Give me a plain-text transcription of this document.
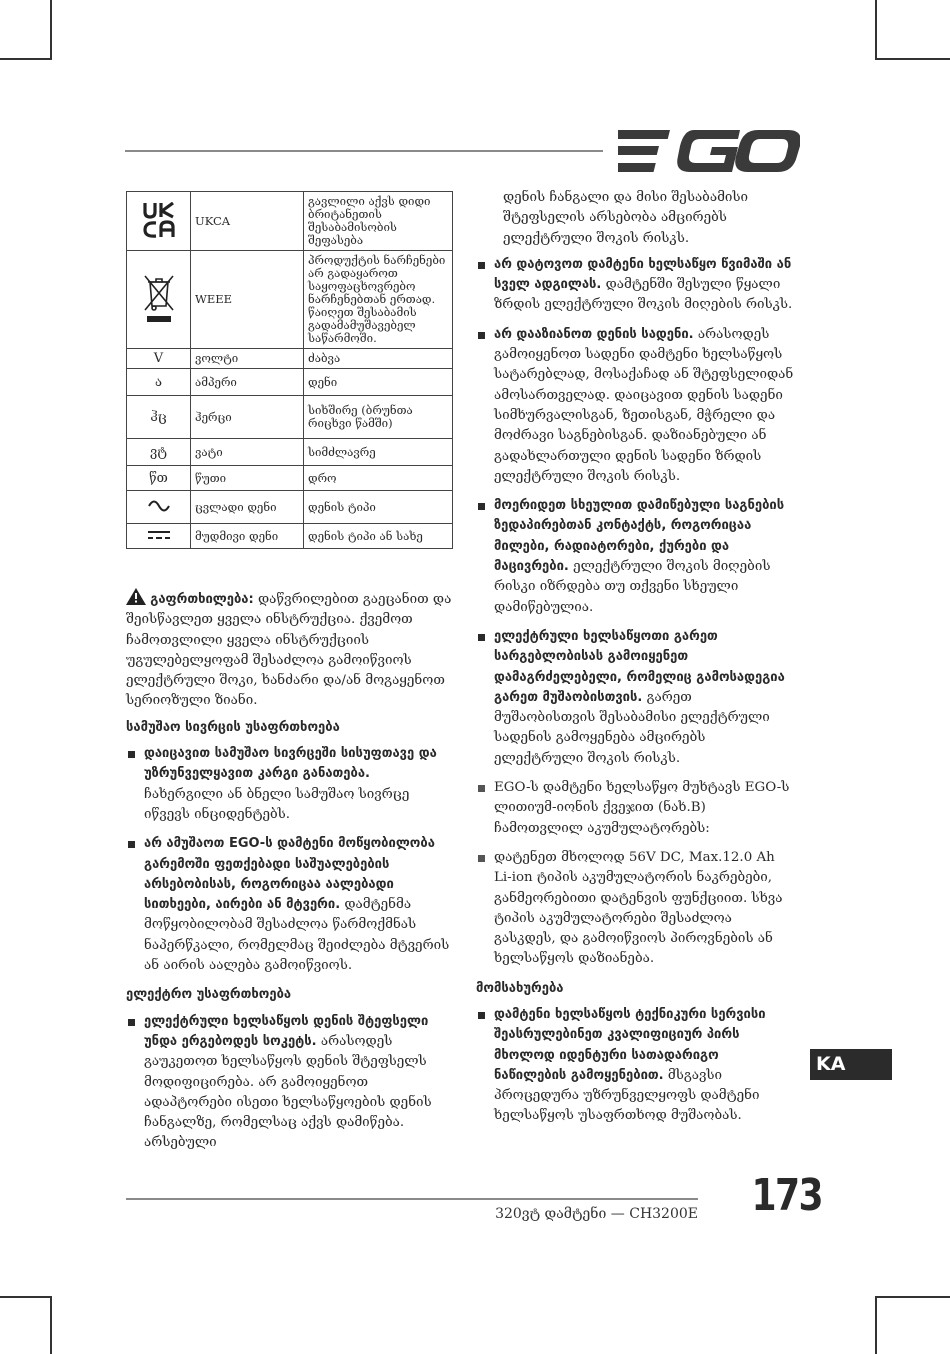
	UKCA	გავლილი აქვს დიდი ბრიტანეთის შესაბამისობის შეფასება
	WEEE	პროდუქტის ნარჩენები არ გადაყაროთ საყოფაცხოვრებო ნარჩენებთან ერთად. წაიღეთ შესაბამის გადამამუშავებელ საწარმოში.
V	ვოლტი	ძაბვა
ა	ამპერი	დენი
ჰც	ჰერცი	სიხშირე (ბრუნთა რიცხვი წამში)
ვტ	ვატი	სიმძლავრე
წთ	წუთი	დრო
	ცვლადი დენი	დენის ტიპი
	მუდმივი დენი	დენის ტიპი ან სახე

გაფრთხილება: დაწვრილებით გაეცანით და შეისწავლეთ ყველა ინსტრუქცია. ქვემოთ ჩამოთვლილი ყველა ინსტრუქციის უგულებელყოფამ შესაძლოა გამოიწვიოს ელექტრული შოკი, ხანძარი და/ან მოგაყენოთ სერიოზული ზიანი.

სამუშაო სივრცის უსაფრთხოება
დაიცავით სამუშაო სივრცეში სისუფთავე და უზრუნველყავით კარგი განათება. ჩახერგილი ან ბნელი სამუშაო სივრცე იწვევს ინციდენტებს.
არ ამუშაოთ EGO-ს დამტენი მოწყობილობა გარემოში ფეთქებადი საშუალებების არსებობისას, როგორიცაა აალებადი სითხეები, აირები ან მტვერი. დამტენმა მოწყობილობამ შესაძლოა წარმოქმნას ნაპერწკალი, რომელმაც შეიძლება მტვერის ან აირის აალება გამოიწვიოს.
ელექტრო უსაფრთხოება
ელექტრული ხელსაწყოს დენის შტეფსელი უნდა ერგებოდეს სოკეტს. არასოდეს გაუკეთოთ ხელსაწყოს დენის შტეფსელს მოდიფიცირება. არ გამოიყენოთ ადაპტორები ისეთი ხელსაწყოების დენის ჩანგალზე, რომელსაც აქვს დამიწება. არსებული

დენის ჩანგალი და მისი შესაბამისი შტეფსელის არსებობა ამცირებს ელექტრული შოკის რისკს.

არ დატოვოთ დამტენი ხელსაწყო წვიმაში ან სველ ადგილას. დამტენში შესული წყალი ზრდის ელექტრული შოკის მიღების რისკს.
არ დააზიანოთ დენის სადენი. არასოდეს გამოიყენოთ სადენი დამტენი ხელსაწყოს სატარებლად, მოსაქაჩად ან შტეფსელიდან ამოსართველად. დაიცავით დენის სადენი სიმხურვალისგან, ზეთისგან, მჭრელი და მოძრავი საგნებისგან. დაზიანებული ან გადახლართული დენის სადენი ზრდის ელექტრული შოკის რისკს.
მოერიდეთ სხეულით დამიწებული საგნების ზედაპირებთან კონტაქტს, როგორიცაა მილები, რადიატორები, ქურები და მაცივრები. ელექტრული შოკის მიღების რისკი იზრდება თუ თქვენი სხეული დამიწებულია.
ელექტრული ხელსაწყოთი გარეთ სარგებლობისას გამოიყენეთ დამაგრძელებელი, რომელიც გამოსადეგია გარეთ მუშაობისთვის. გარეთ მუშაობისთვის შესაბამისი ელექტრული სადენის გამოყენება ამცირებს ელექტრული შოკის რისკს.
EGO-ს დამტენი ხელსაწყო მუხტავს EGO-ს ლითიუმ-იონის ქვეჯით (ნახ.B) ჩამოთვლილ აკუმულატორებს:
დატენეთ მხოლოდ 56V DC, Max.12.0 Ah Li-ion ტიპის აკუმულატორის ნაკრებები, განმეორებითი დატენვის ფუნქციით. სხვა ტიპის აკუმულატორები შესაძლოა გასკდეს, და გამოიწვიოს პიროვნების ან ხელსაწყოს დაზიანება.
მომსახურება
დამტენი ხელსაწყოს ტექნიკური სერვისი შეასრულებინეთ კვალიფიციურ პირს მხოლოდ იდენტური სათადარიგო ნაწილების გამოყენებით. მსგავსი პროცედურა უზრუნველყოფს დამტენი ხელსაწყოს უსაფრთხოდ მუშაობას.
KA
320ვტ დამტენი — CH3200E 173
